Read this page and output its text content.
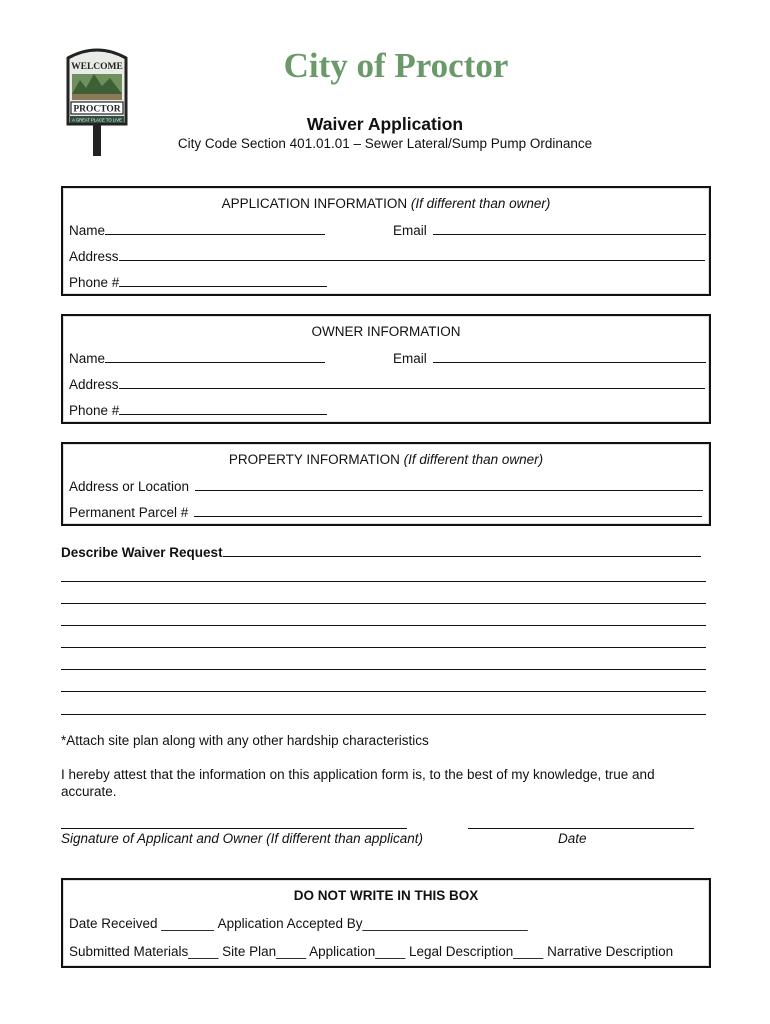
WELCOME
PROCTOR
A GREAT PLACE TO LIVE
City of Proctor
Waiver Application
City Code Section 401.01.01 – Sewer Lateral/Sump Pump Ordinance
APPLICATION INFORMATION (If different than owner)
Name	Email
Address
Phone #
OWNER INFORMATION
Name	Email
Address
Phone #
PROPERTY INFORMATION (If different than owner)
Address or Location
Permanent Parcel #
Describe Waiver Request
*Attach site plan along with any other hardship characteristics
I hereby attest that the information on this application form is, to the best of my knowledge, true and accurate.
Signature of Applicant and Owner (If different than applicant)	Date
DO NOT WRITE IN THIS BOX
Date Received _______
Application Accepted By______________________
Submitted Materials____ Site Plan____ Application____ Legal Description____ Narrative Description
